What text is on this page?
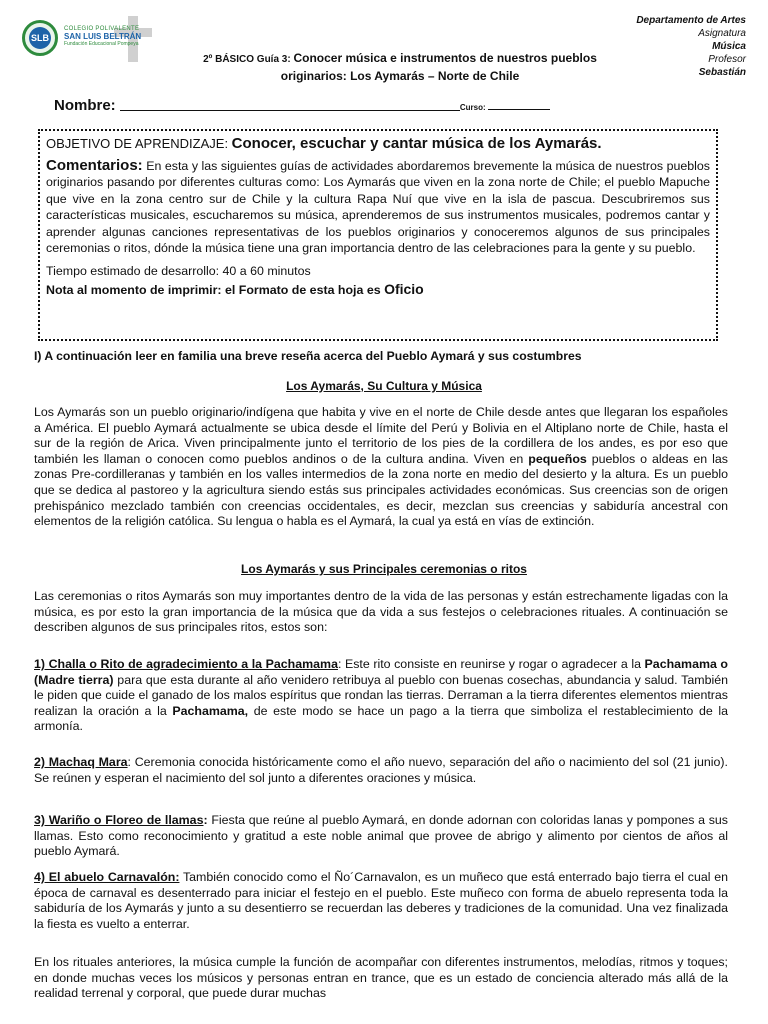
SLB
COLEGIO POLIVALENTE
SAN LUIS BELTRÁN
Fundación Educacional Pompeya
Departamento de Artes
Asignatura
Música
Profesor
Sebastián
2º BÁSICO Guía 3: Conocer música e instrumentos de nuestros pueblos
originarios: Los Aymarás – Norte de Chile
Nombre:	Curso:
OBJETIVO DE APRENDIZAJE: Conocer, escuchar y cantar música de los Aymarás.

Comentarios: En esta y las siguientes guías de actividades abordaremos brevemente la música de nuestros pueblos originarios pasando por diferentes culturas como: Los Aymarás que viven en la zona norte de Chile; el pueblo Mapuche que vive en la zona centro sur de Chile y la cultura Rapa Nuí que vive en la isla de pascua. Descubriremos sus características musicales, escucharemos su música, aprenderemos de sus instrumentos musicales, podremos cantar y aprender algunas canciones representativas de los pueblos originarios y conoceremos algunos de sus principales ceremonias o ritos, dónde la música tiene una gran importancia dentro de las celebraciones para la gente y su pueblo.

Tiempo estimado de desarrollo: 40 a 60 minutos
Nota al momento de imprimir: el Formato de esta hoja es Oficio
I) A continuación leer en familia una breve reseña acerca del Pueblo Aymará y sus costumbres
Los Aymarás, Su Cultura y Música

Los Aymarás son un pueblo originario/indígena que habita y vive en el norte de Chile desde antes que llegaran los españoles a América. El pueblo Aymará actualmente se ubica desde el límite del Perú y Bolivia en el Altiplano norte de Chile, hasta el sur de la región de Arica. Viven principalmente junto el territorio de los pies de la cordillera de los andes, es por eso que también les llaman o conocen como pueblos andinos o de la cultura andina. Viven en pequeños pueblos o aldeas en las zonas Pre-cordilleranas y también en los valles intermedios de la zona norte en medio del desierto y la altura. Es un pueblo que se dedica al pastoreo y la agricultura siendo estás sus principales actividades económicas. Sus creencias son de origen prehispánico mezclado también con creencias occidentales, es decir, mezclan sus creencias y sabiduría ancestral con elementos de la religión católica. Su lengua o habla es el Aymará, la cual ya está en vías de extinción.

Los Aymarás y sus Principales ceremonias o ritos

Las ceremonias o ritos Aymarás son muy importantes dentro de la vida de las personas y están estrechamente ligadas con la música, es por esto la gran importancia de la música que da vida a sus festejos o celebraciones rituales. A continuación se describen algunos de sus principales ritos, estos son:

1) Challa o Rito de agradecimiento a la Pachamama: Este rito consiste en reunirse y rogar o agradecer a la Pachamama o (Madre tierra) para que esta durante al año venidero retribuya al pueblo con buenas cosechas, abundancia y salud. También le piden que cuide el ganado de los malos espíritus que rondan las tierras. Derraman a la tierra diferentes elementos mientras realizan la oración a la Pachamama, de este modo se hace un pago a la tierra que simboliza el restablecimiento de la armonía.

2) Machaq Mara: Ceremonia conocida históricamente como el año nuevo, separación del año o nacimiento del sol (21 junio). Se reúnen y esperan el nacimiento del sol junto a diferentes oraciones y música.

3) Wariño o Floreo de llamas: Fiesta que reúne al pueblo Aymará, en donde adornan con coloridas lanas y pompones a sus llamas. Esto como reconocimiento y gratitud a este noble animal que provee de abrigo y alimento por cientos de años al pueblo Aymará.

4) El abuelo Carnavalón: También conocido como el Ño´Carnavalon, es un muñeco que está enterrado bajo tierra el cual en época de carnaval es desenterrado para iniciar el festejo en el pueblo. Este muñeco con forma de abuelo representa toda la sabiduría de los Aymarás y junto a su desentierro se recuerdan las deberes y tradiciones de la comunidad. Una vez finalizada la fiesta es vuelto a enterrar.

En los rituales anteriores, la música cumple la función de acompañar con diferentes instrumentos, melodías, ritmos y toques; en donde muchas veces los músicos y personas entran en trance, que es un estado de conciencia alterado más allá de la realidad terrenal y corporal, que puede durar muchas
